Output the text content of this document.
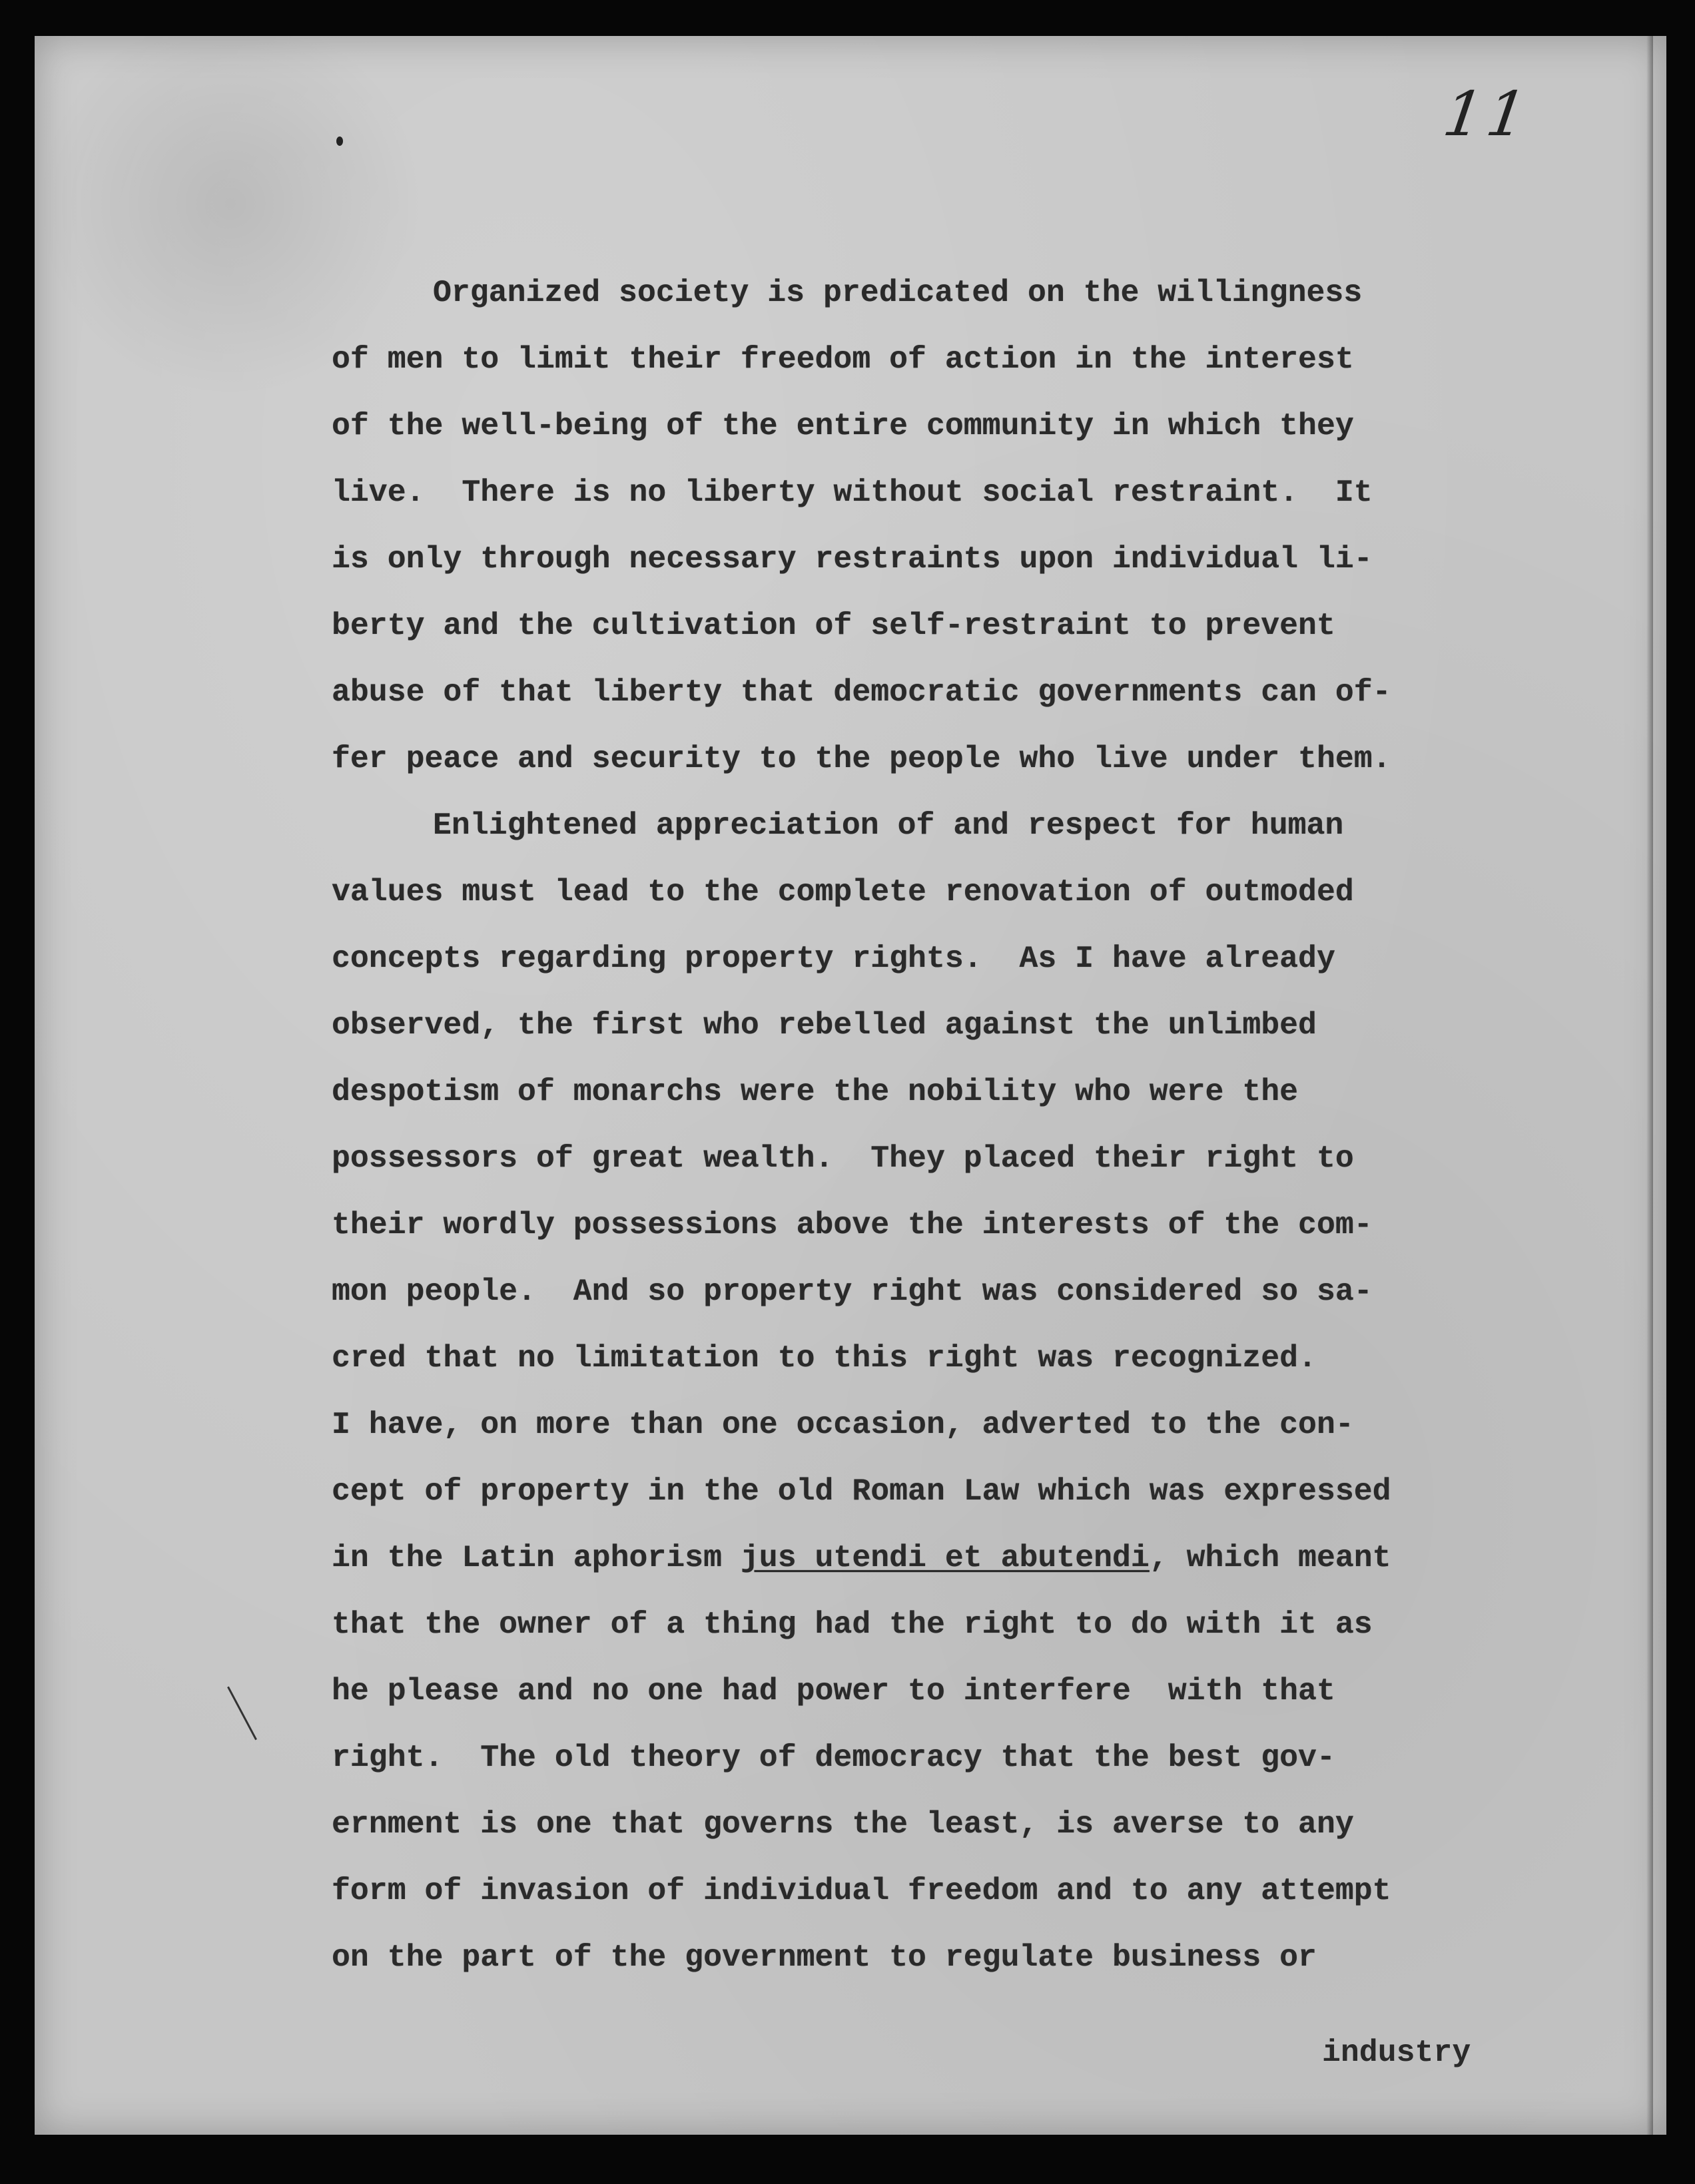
11
Organized society is predicated on the willingness
of men to limit their freedom of action in the interest
of the well-being of the entire community in which they
live.  There is no liberty without social restraint.  It
is only through necessary restraints upon individual li-
berty and the cultivation of self-restraint to prevent
abuse of that liberty that democratic governments can of-
fer peace and security to the people who live under them.
Enlightened appreciation of and respect for human
values must lead to the complete renovation of outmoded
concepts regarding property rights.  As I have already
observed, the first who rebelled against the unlimbed
despotism of monarchs were the nobility who were the
possessors of great wealth.  They placed their right to
their wordly possessions above the interests of the com-
mon people.  And so property right was considered so sa-
cred that no limitation to this right was recognized.
I have, on more than one occasion, adverted to the con-
cept of property in the old Roman Law which was expressed
in the Latin aphorism jus utendi et abutendi, which meant
that the owner of a thing had the right to do with it as
he please and no one had power to interfere  with that
right.  The old theory of democracy that the best gov-
ernment is one that governs the least, is averse to any
form of invasion of individual freedom and to any attempt
on the part of the government to regulate business or
industry
